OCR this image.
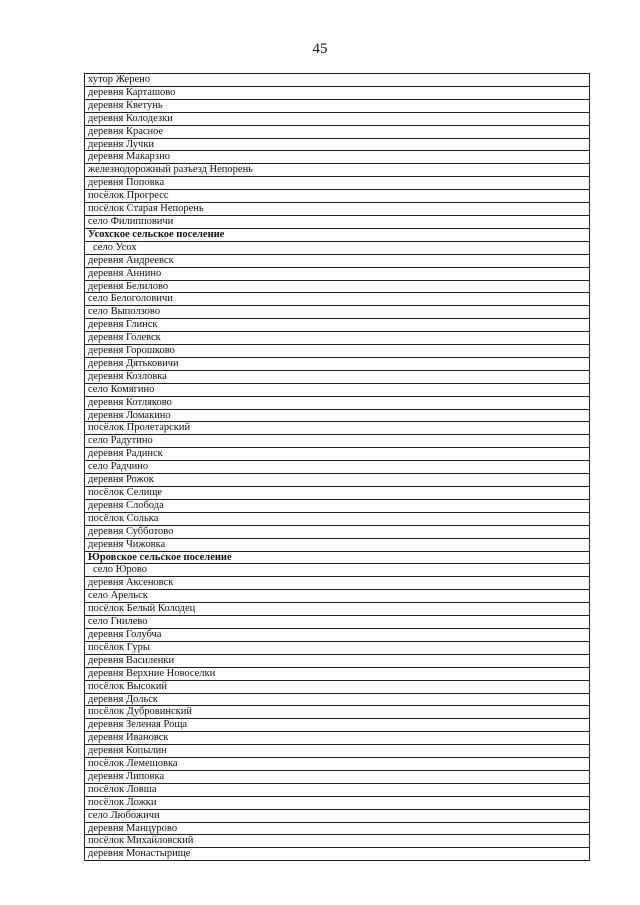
45
хутор Жерено
деревня Карташово
деревня Кветунь
деревня Колодезки
деревня Красное
деревня Лучки
деревня Макарзно
железнодорожный разъезд Непорень
деревня Поповка
посёлок Прогресс
посёлок Старая Непорень
село Филипповичи
Усохское сельское поселение
село Усох
деревня Андреевск
деревня Аннино
деревня Белилово
село Белоголовичи
село Выползово
деревня Глинск
деревня Голевск
деревня Горошково
деревня Дятьковичи
деревня Козловка
село Комягино
деревня Котляково
деревня Ломакино
посёлок Пролетарский
село Радутино
деревня Радинск
село Радчино
деревня Рожок
посёлок Селище
деревня Слобода
посёлок Солька
деревня Субботово
деревня Чижовка
Юровское сельское поселение
село Юрово
деревня Аксеновск
село Арельск
посёлок Белый Колодец
село Гнилево
деревня Голубча
посёлок Гуры
деревня Василенки
деревня Верхние Новоселки
посёлок Высокий
деревня Дольск
посёлок Дубровинский
деревня Зеленая Роща
деревня Ивановск
деревня Копылин
посёлок Лемешовка
деревня Липовка
посёлок Ловша
посёлок Ложки
село Любожичи
деревня Манцурово
посёлок Михайловский
деревня Монастырище
